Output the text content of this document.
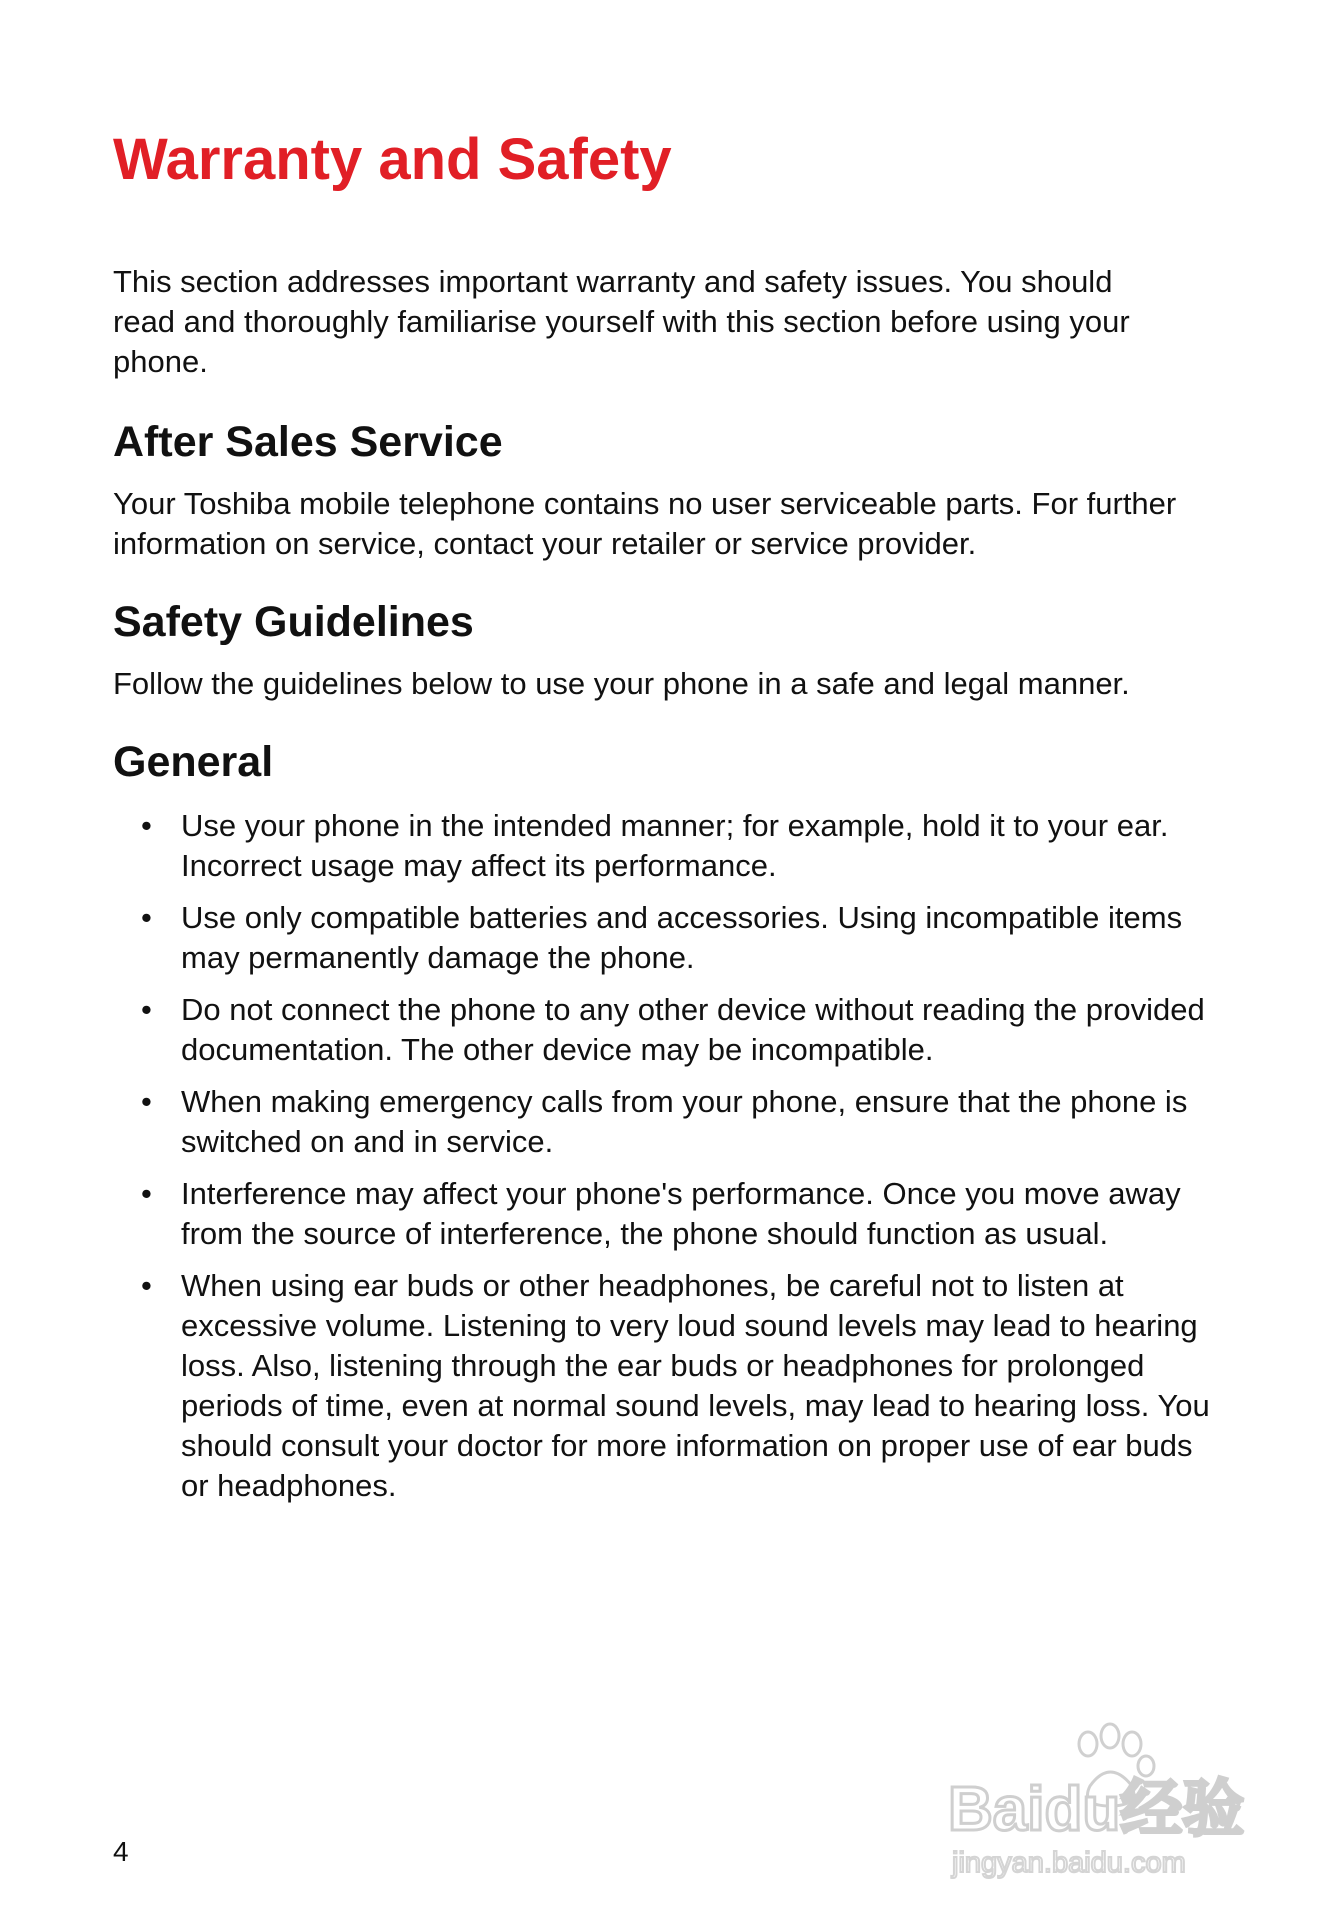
Warranty and Safety

This section addresses important warranty and safety issues. You should read and thoroughly familiarise yourself with this section before using your phone.

After Sales Service

Your Toshiba mobile telephone contains no user serviceable parts. For further information on service, contact your retailer or service provider.

Safety Guidelines

Follow the guidelines below to use your phone in a safe and legal manner.

General
• Use your phone in the intended manner; for example, hold it to your ear. Incorrect usage may affect its performance.
• Use only compatible batteries and accessories. Using incompatible items may permanently damage the phone.
• Do not connect the phone to any other device without reading the provided documentation. The other device may be incompatible.
• When making emergency calls from your phone, ensure that the phone is switched on and in service.
• Interference may affect your phone's performance. Once you move away from the source of interference, the phone should function as usual.
• When using ear buds or other headphones, be careful not to listen at excessive volume. Listening to very loud sound levels may lead to hearing loss. Also, listening through the ear buds or headphones for prolonged periods of time, even at normal sound levels, may lead to hearing loss. You should consult your doctor for more information on proper use of ear buds or headphones.
4
Baidu经验
jingyan.baidu.com
